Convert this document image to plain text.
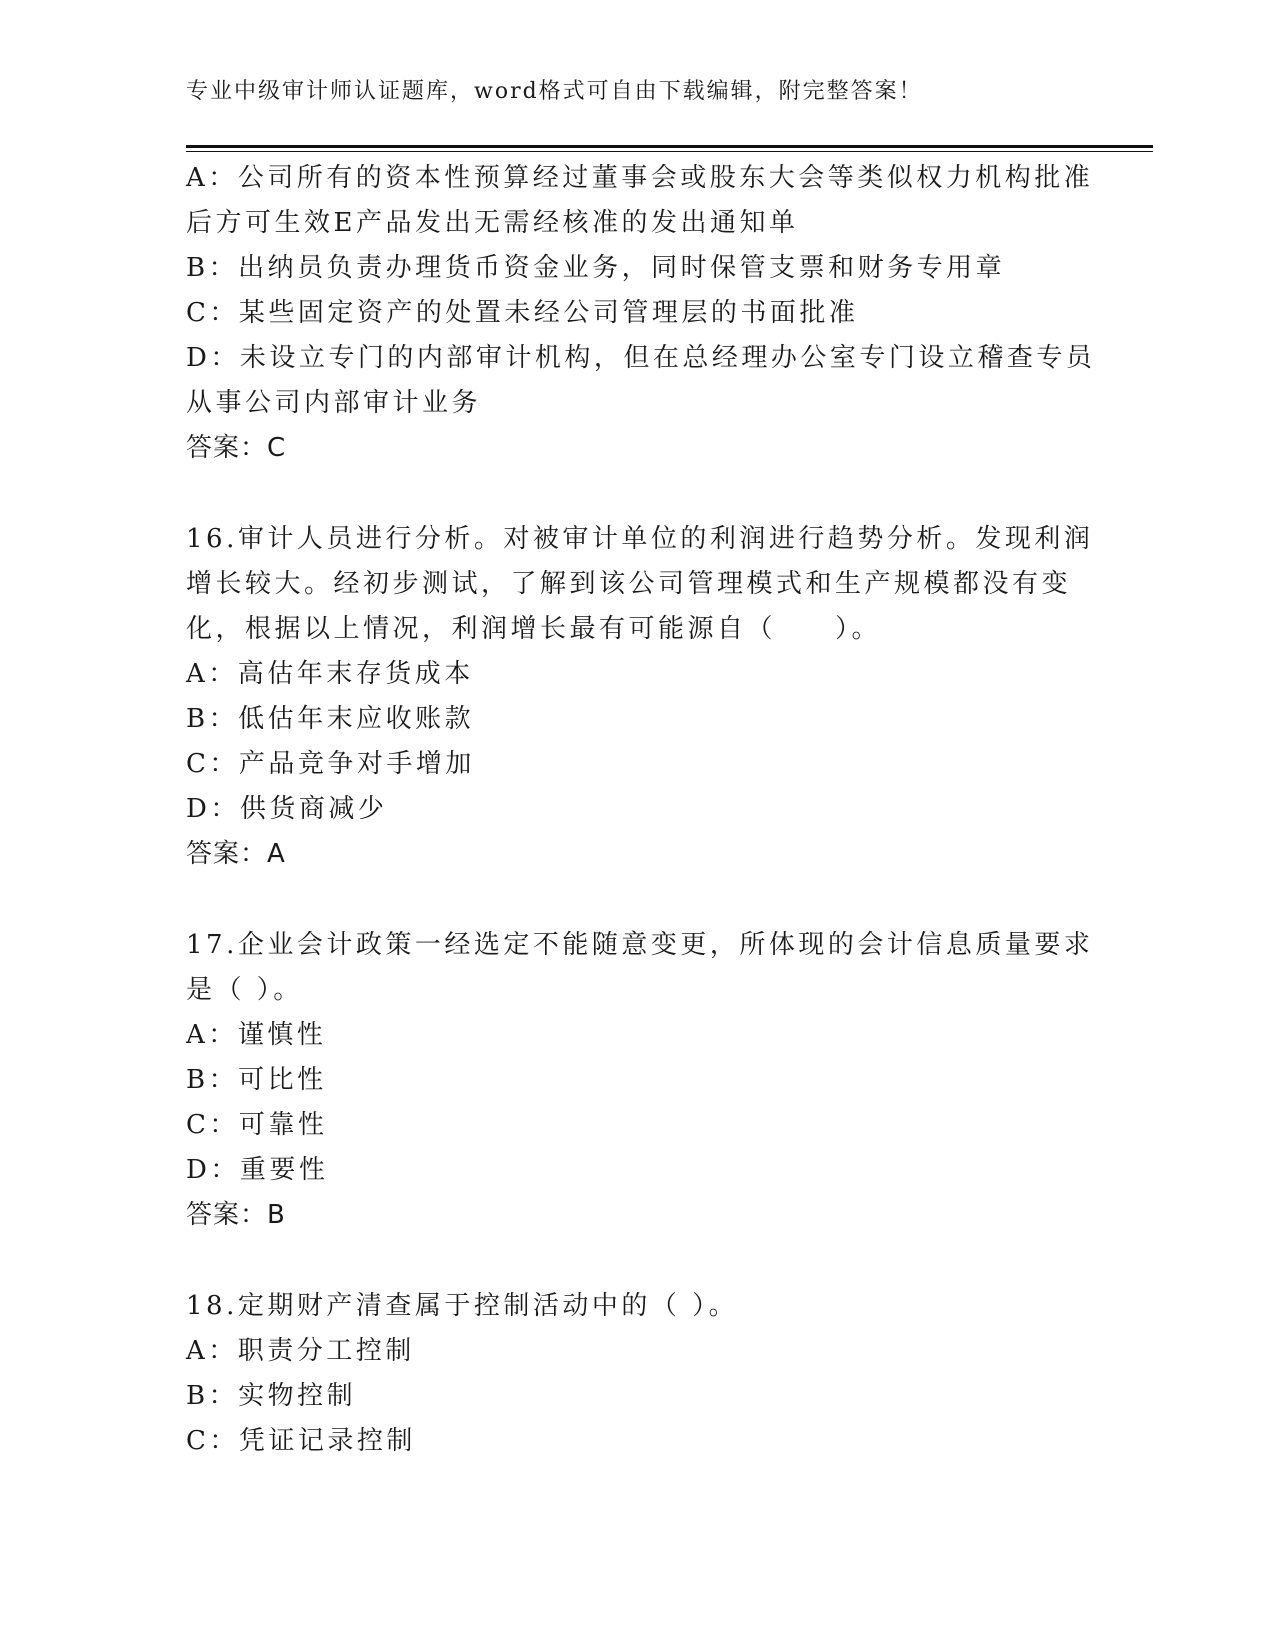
专业中级审计师认证题库，word格式可自由下载编辑，附完整答案！
A：公司所有的资本性预算经过董事会或股东大会等类似权力机构批准
后方可生效E产品发出无需经核准的发出通知单
B：出纳员负责办理货币资金业务，同时保管支票和财务专用章
C：某些固定资产的处置未经公司管理层的书面批准
D：未设立专门的内部审计机构，但在总经理办公室专门设立稽查专员
从事公司内部审计业务
答案：C
16.审计人员进行分析。对被审计单位的利润进行趋势分析。发现利润
增长较大。经初步测试，了解到该公司管理模式和生产规模都没有变
化，根据以上情况，利润增长最有可能源自（　　）。
A：高估年末存货成本
B：低估年末应收账款
C：产品竞争对手增加
D：供货商减少
答案：A
17.企业会计政策一经选定不能随意变更，所体现的会计信息质量要求
是（ ）。
A：谨慎性
B：可比性
C：可靠性
D：重要性
答案：B
18.定期财产清查属于控制活动中的（ ）。
A：职责分工控制
B：实物控制
C：凭证记录控制
